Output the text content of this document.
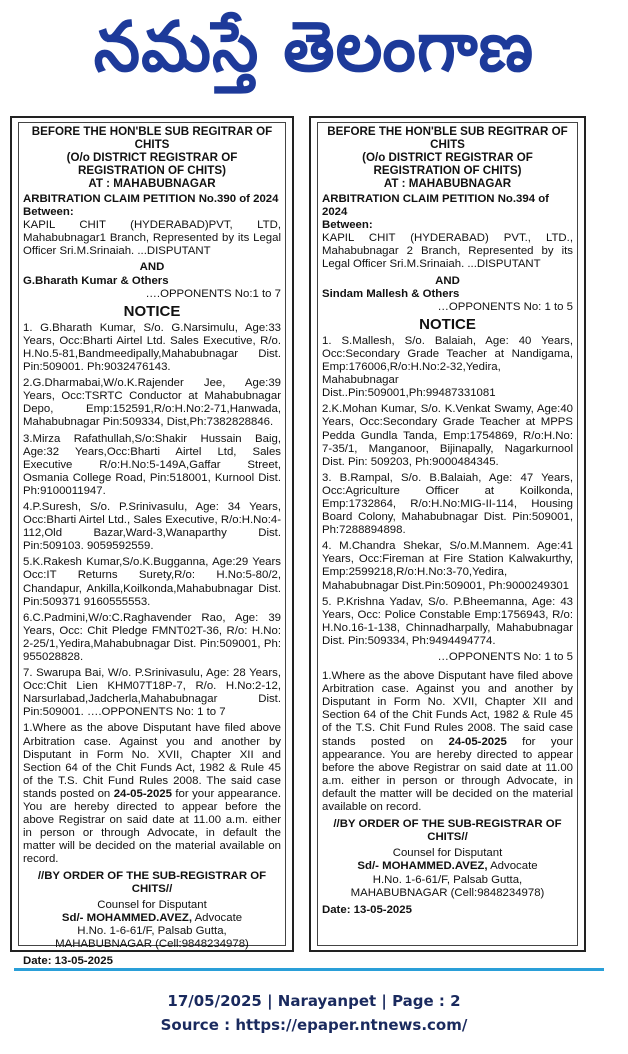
నమస్తే తెలంగాణ
BEFORE THE HON'BLE SUB REGITRAR OF CHITS
(O/o DISTRICT REGISTRAR OF REGISTRATION OF CHITS)
AT : MAHABUBNAGAR
ARBITRATION CLAIM PETITION No.390 of 2024
Between:

KAPIL CHIT (HYDERABAD)PVT, LTD, Mahabubnagar1 Branch, Represented by its Legal Officer Sri.M.Srinaiah. ...DISPUTANT

AND
G.Bharath Kumar & Others
….OPPONENTS No:1 to 7
NOTICE

1. G.Bharath Kumar, S/o. G.Narsimulu, Age:33 Years, Occ:Bharti Airtel Ltd. Sales Executive, R/o. H.No.5-81,Bandmeedipally,Mahabubnagar Dist. Pin:509001. Ph:9032476143.

2.G.Dharmabai,W/o.K.Rajender Jee, Age:39 Years, Occ:TSRTC Conductor at Mahabubnagar Depo, Emp:152591,R/o:H.No:2-71,Hanwada, Mahabubnagar Pin:509334, Dist,Ph:7382828846.

3.Mirza Rafathullah,S/o:Shakir Hussain Baig, Age:32 Years,Occ:Bharti Airtel Ltd, Sales Executive R/o:H.No:5-149A,Gaffar Street, Osmania College Road, Pin:518001, Kurnool Dist. Ph:9100011947.

4.P.Suresh, S/o. P.Srinivasulu, Age: 34 Years, Occ:Bharti Airtel Ltd., Sales Executive, R/o:H.No:4-112,Old Bazar,Ward-3,Wanaparthy Dist. Pin:509103. 9059592559.

5.K.Rakesh Kumar,S/o.K.Bugganna, Age:29 Years Occ:IT Returns Surety,R/o: H.No:5-80/2, Chandapur, Ankilla,Koilkonda,Mahabubnagar Dist. Pin:509371 9160555553.

6.C.Padmini,W/o:C.Raghavender Rao, Age: 39 Years, Occ: Chit Pledge FMNT02T-36, R/o: H.No: 2-25/1,Yedira,Mahabubnagar Dist. Pin:509001, Ph: 955028828.

7. Swarupa Bai, W/o. P.Srinivasulu, Age: 28 Years, Occ:Chit Lien KHM07T18P-7, R/o. H.No:2-12, Narsurlabad,Jadcherla,Mahabubnagar Dist. Pin:509001. ….OPPONENTS No: 1 to 7

1.Where as the above Disputant have filed above Arbitration case. Against you and another by Disputant in Form No. XVII, Chapter XII and Section 64 of the Chit Funds Act, 1982 & Rule 45 of the T.S. Chit Fund Rules 2008. The said case stands posted on 24-05-2025 for your appearance. You are hereby directed to appear before the above Registrar on said date at 11.00 a.m. either in person or through Advocate, in default the matter will be decided on the material available on record.

//BY ORDER OF THE SUB-REGISTRAR OF CHITS//
Counsel for Disputant
Sd/- MOHAMMED.AVEZ, Advocate
H.No. 1-6-61/F, Palsab Gutta,
MAHABUBNAGAR (Cell:9848234978)
Date: 13-05-2025
BEFORE THE HON'BLE SUB REGITRAR OF CHITS
(O/o DISTRICT REGISTRAR OF REGISTRATION OF CHITS)
AT : MAHABUBNAGAR
ARBITRATION CLAIM PETITION No.394 of 2024
Between:

KAPIL CHIT (HYDERABAD) PVT., LTD., Mahabubnagar 2 Branch, Represented by its Legal Officer Sri.M.Srinaiah. ...DISPUTANT

AND
Sindam Mallesh & Others
…OPPONENTS No: 1 to 5
NOTICE

1. S.Mallesh, S/o. Balaiah, Age: 40 Years, Occ:Secondary Grade Teacher at Nandigama, Emp:176006,R/o:H.No:2-32,Yedira, Mahabubnagar Dist..Pin:509001,Ph:99487331081

2.K.Mohan Kumar, S/o. K.Venkat Swamy, Age:40 Years, Occ:Secondary Grade Teacher at MPPS Pedda Gundla Tanda, Emp:1754869, R/o:H.No: 7-35/1, Manganoor, Bijinapally, Nagarkurnool Dist. Pin: 509203, Ph:9000484345.

3. B.Rampal, S/o. B.Balaiah, Age: 47 Years, Occ:Agriculture Officer at Koilkonda, Emp:1732864, R/o:H.No:MIG-II-114, Housing Board Colony, Mahabubnagar Dist. Pin:509001, Ph:7288894898.

4. M.Chandra Shekar, S/o.M.Mannem. Age:41 Years, Occ:Fireman at Fire Station Kalwakurthy, Emp:2599218,R/o:H.No:3-70,Yedira, Mahabubnagar Dist.Pin:509001, Ph:9000249301

5. P.Krishna Yadav, S/o. P.Bheemanna, Age: 43 Years, Occ: Police Constable Emp:1756943, R/o: H.No.16-1-138, Chinnadharpally, Mahabubnagar Dist. Pin:509334, Ph:9494494774.

…OPPONENTS No: 1 to 5

1.Where as the above Disputant have filed above Arbitration case. Against you and another by Disputant in Form No. XVII, Chapter XII and Section 64 of the Chit Funds Act, 1982 & Rule 45 of the T.S. Chit Fund Rules 2008. The said case stands posted on 24-05-2025 for your appearance. You are hereby directed to appear before the above Registrar on said date at 11.00 a.m. either in person or through Advocate, in default the matter will be decided on the material available on record.

//BY ORDER OF THE SUB-REGISTRAR OF CHITS//
Counsel for Disputant
Sd/- MOHAMMED.AVEZ, Advocate
H.No. 1-6-61/F, Palsab Gutta,
MAHABUBNAGAR (Cell:9848234978)
Date: 13-05-2025
17/05/2025 | Narayanpet | Page : 2
Source : https://epaper.ntnews.com/
